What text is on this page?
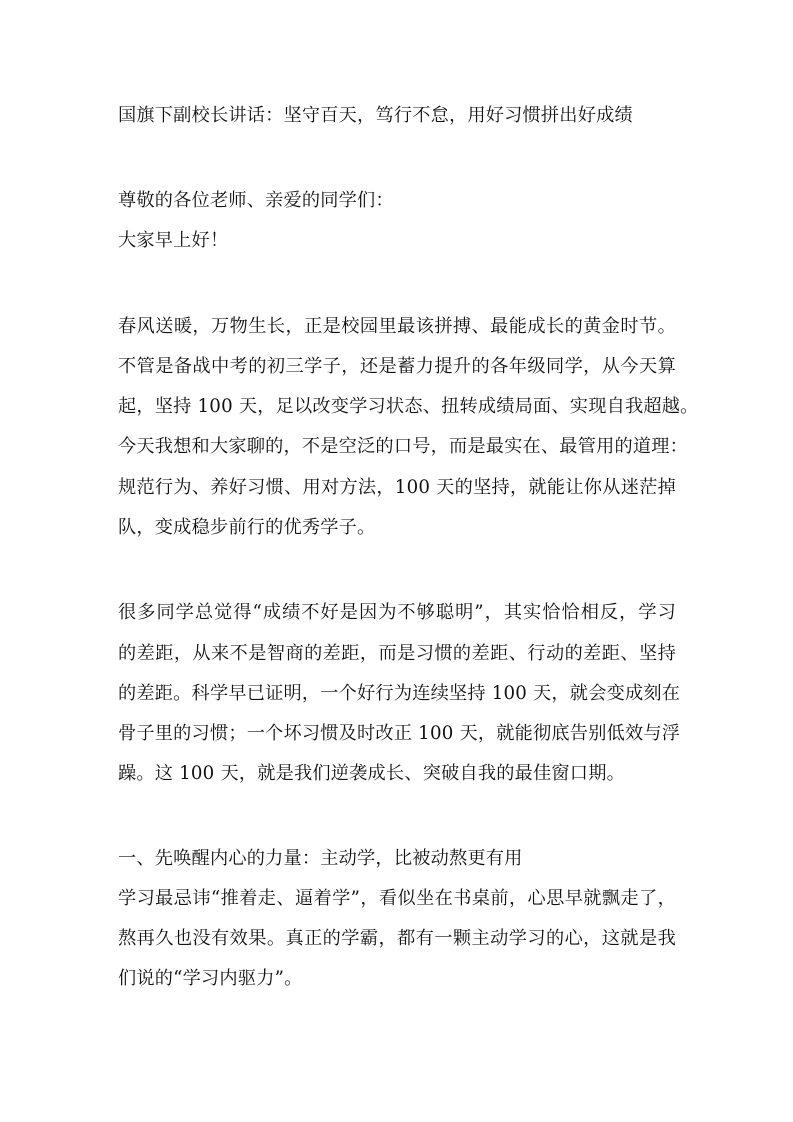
国旗下副校长讲话：坚守百天，笃行不怠，用好习惯拼出好成绩
尊敬的各位老师、亲爱的同学们：
大家早上好！
春风送暖，万物生长，正是校园里最该拼搏、最能成长的黄金时节。
不管是备战中考的初三学子，还是蓄力提升的各年级同学，从今天算
起，坚持 100 天，足以改变学习状态、扭转成绩局面、实现自我超越。
今天我想和大家聊的，不是空泛的口号，而是最实在、最管用的道理：
规范行为、养好习惯、用对方法，100 天的坚持，就能让你从迷茫掉
队，变成稳步前行的优秀学子。
很多同学总觉得“成绩不好是因为不够聪明”，其实恰恰相反，学习
的差距，从来不是智商的差距，而是习惯的差距、行动的差距、坚持
的差距。科学早已证明，一个好行为连续坚持 100 天，就会变成刻在
骨子里的习惯；一个坏习惯及时改正 100 天，就能彻底告别低效与浮
躁。这 100 天，就是我们逆袭成长、突破自我的最佳窗口期。
一、先唤醒内心的力量：主动学，比被动熬更有用
学习最忌讳“推着走、逼着学”，看似坐在书桌前，心思早就飘走了，
熬再久也没有效果。真正的学霸，都有一颗主动学习的心，这就是我
们说的“学习内驱力”。
